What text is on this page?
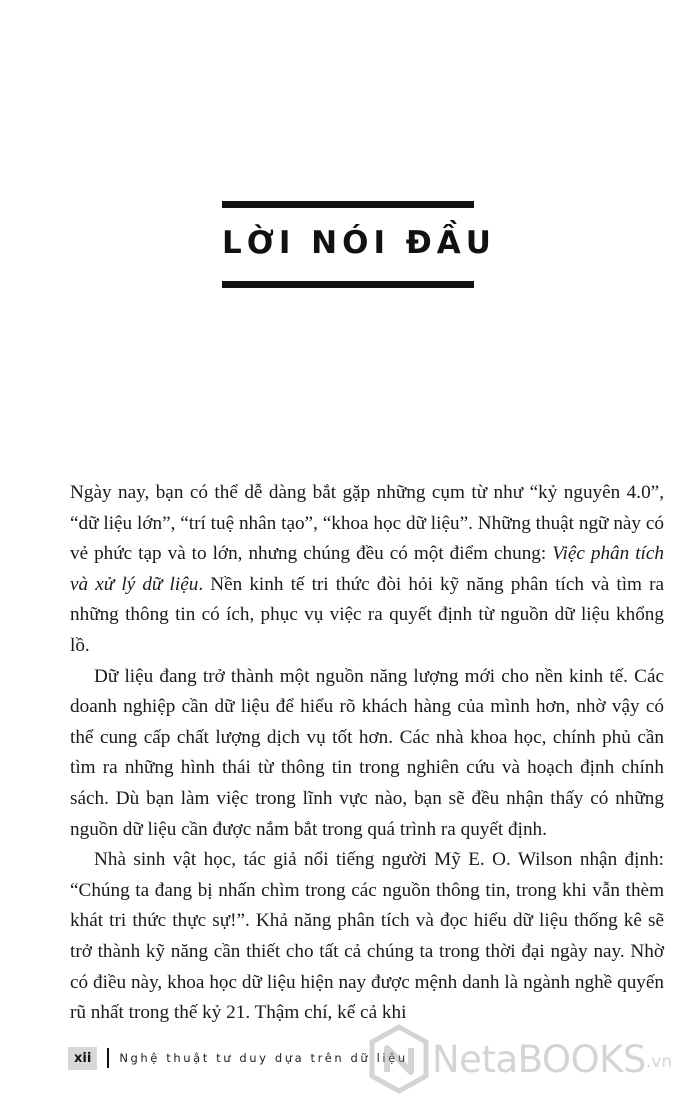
LỜI NÓI ĐẦU

Ngày nay, bạn có thể dễ dàng bắt gặp những cụm từ như “kỷ nguyên 4.0”, “dữ liệu lớn”, “trí tuệ nhân tạo”, “khoa học dữ liệu”. Những thuật ngữ này có vẻ phức tạp và to lớn, nhưng chúng đều có một điểm chung: Việc phân tích và xử lý dữ liệu. Nền kinh tế tri thức đòi hỏi kỹ năng phân tích và tìm ra những thông tin có ích, phục vụ việc ra quyết định từ nguồn dữ liệu khổng lồ.

Dữ liệu đang trở thành một nguồn năng lượng mới cho nền kinh tế. Các doanh nghiệp cần dữ liệu để hiểu rõ khách hàng của mình hơn, nhờ vậy có thể cung cấp chất lượng dịch vụ tốt hơn. Các nhà khoa học, chính phủ cần tìm ra những hình thái từ thông tin trong nghiên cứu và hoạch định chính sách. Dù bạn làm việc trong lĩnh vực nào, bạn sẽ đều nhận thấy có những nguồn dữ liệu cần được nắm bắt trong quá trình ra quyết định.

Nhà sinh vật học, tác giả nổi tiếng người Mỹ E. O. Wilson nhận định: “Chúng ta đang bị nhấn chìm trong các nguồn thông tin, trong khi vẫn thèm khát tri thức thực sự!”. Khả năng phân tích và đọc hiểu dữ liệu thống kê sẽ trở thành kỹ năng cần thiết cho tất cả chúng ta trong thời đại ngày nay. Nhờ có điều này, khoa học dữ liệu hiện nay được mệnh danh là ngành nghề quyến rũ nhất trong thế kỷ 21. Thậm chí, kể cả khi

xii	Nghệ thuật tư duy dựa trên dữ liệu NetaBOOKS .vn
